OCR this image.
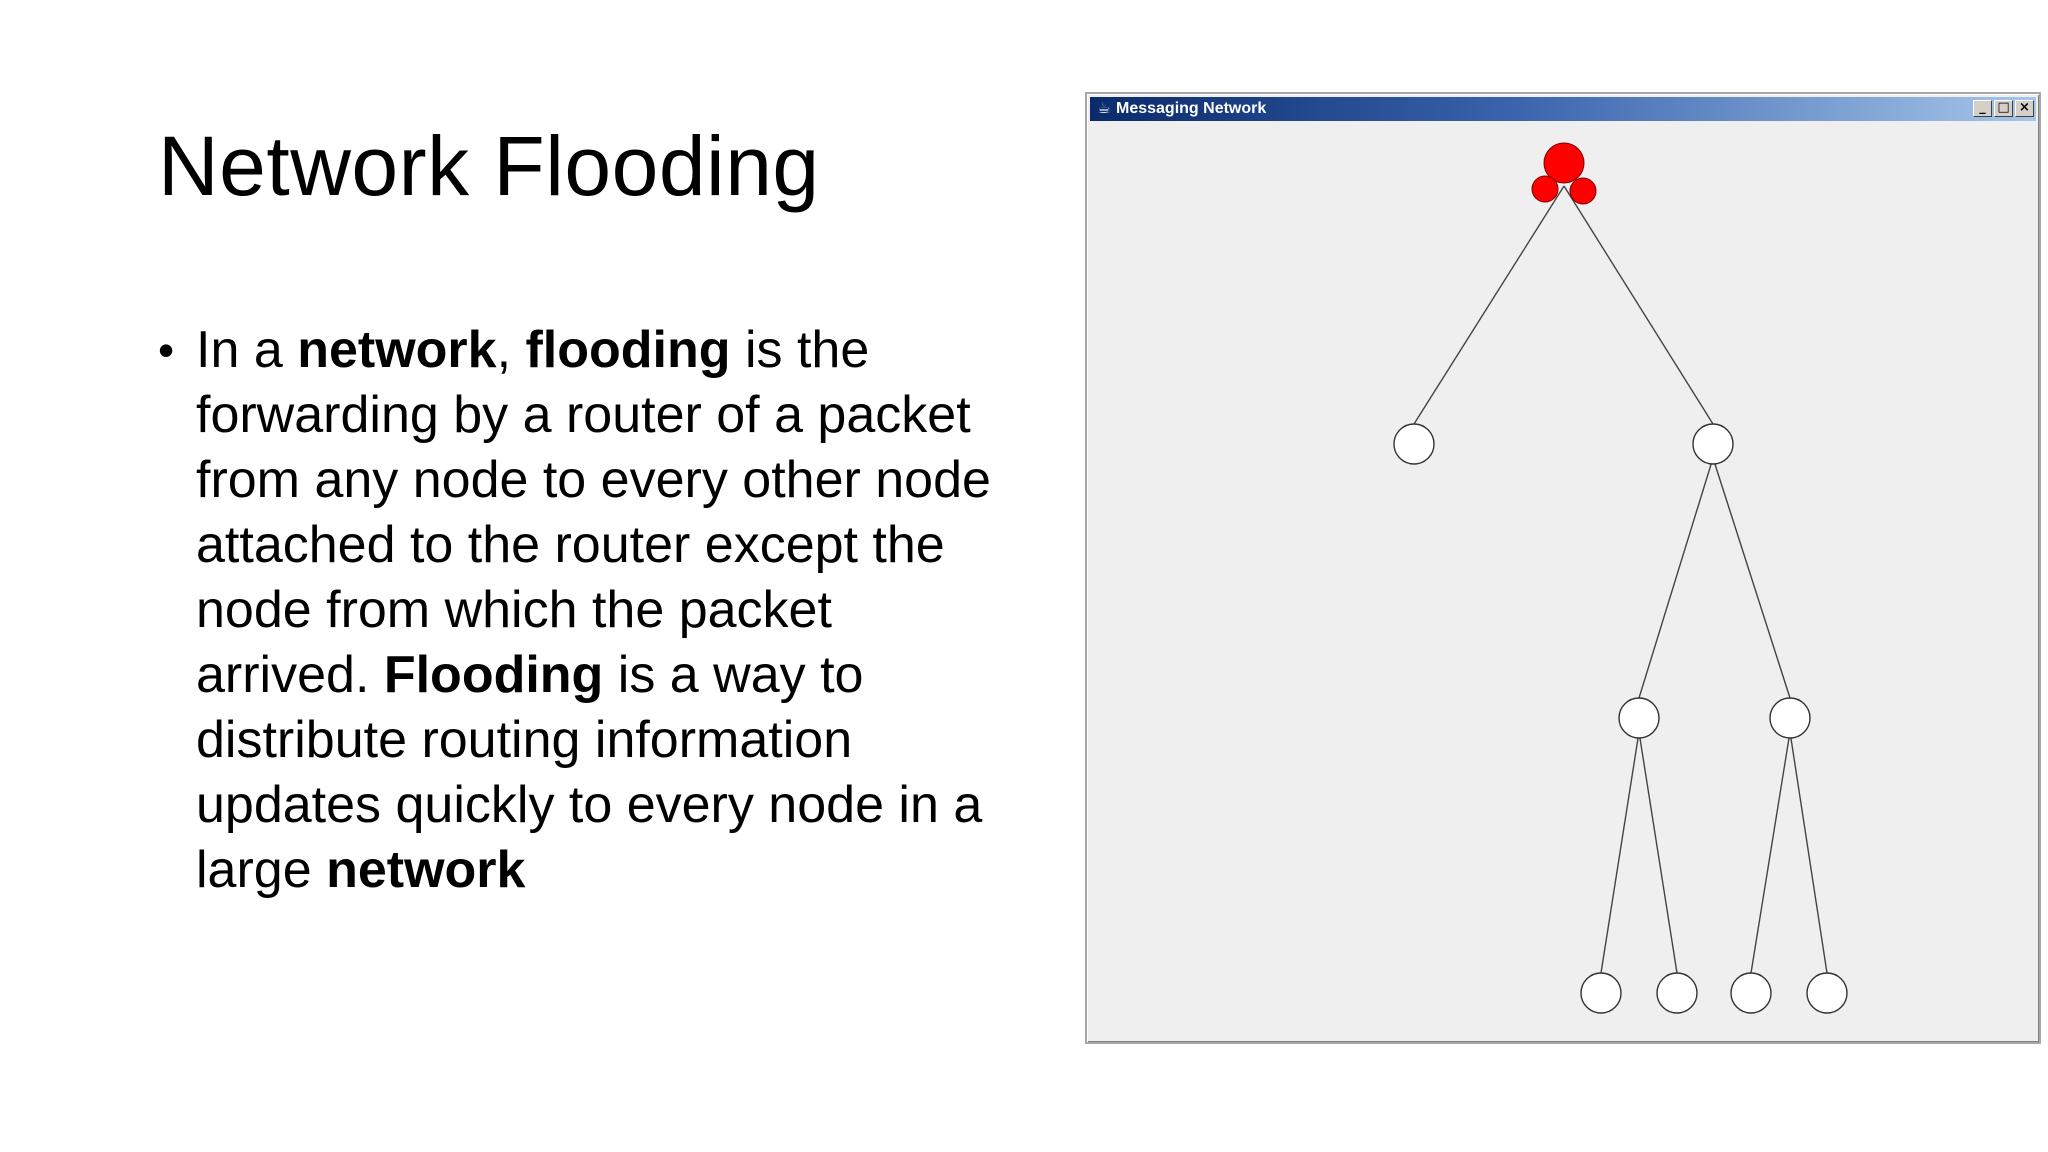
Network Flooding
• In a network, flooding is the forwarding by a router of a packet from any node to every other node attached to the router except the node from which the packet arrived. Flooding is a way to distribute routing information updates quickly to every node in a large network
☕ Messaging Network	_ □ ×
